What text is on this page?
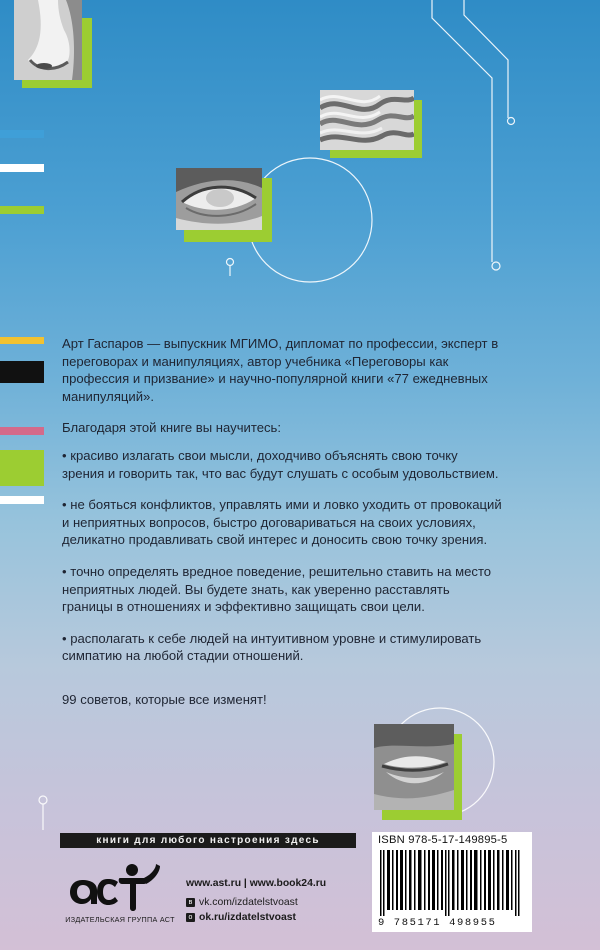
Арт Гаспаров — выпускник МГИМО, дипломат по профессии, эксперт в переговорах и манипуляциях, автор учебника «Переговоры как профессия и призвание» и научно-популярной книги «77 ежедневных манипуляций».

Благодаря этой книге вы научитесь:

• красиво излагать свои мысли, доходчиво объяснять свою точку зрения и говорить так, что вас будут слушать с особым удовольствием.

• не бояться конфликтов, управлять ими и ловко уходить от провокаций и неприятных вопросов, быстро договариваться на своих условиях, деликатно продавливать свой интерес и доносить свою точку зрения.

• точно определять вредное поведение, решительно ставить на место неприятных людей. Вы будете знать, как уверенно расставлять границы в отношениях и эффективно защищать свои цели.

• располагать к себе людей на интуитивном уровне и стимулировать симпатию на любой стадии отношений.

99 советов, которые все изменят!

книги для любого настроения здесь
ИЗДАТЕЛЬСКАЯ ГРУППА АСТ
www.ast.ru | www.book24.ru
в vk.com/izdatelstvoast
о ok.ru/izdatelstvoast
ISBN 978-5-17-149895-5
9 785171 498955
